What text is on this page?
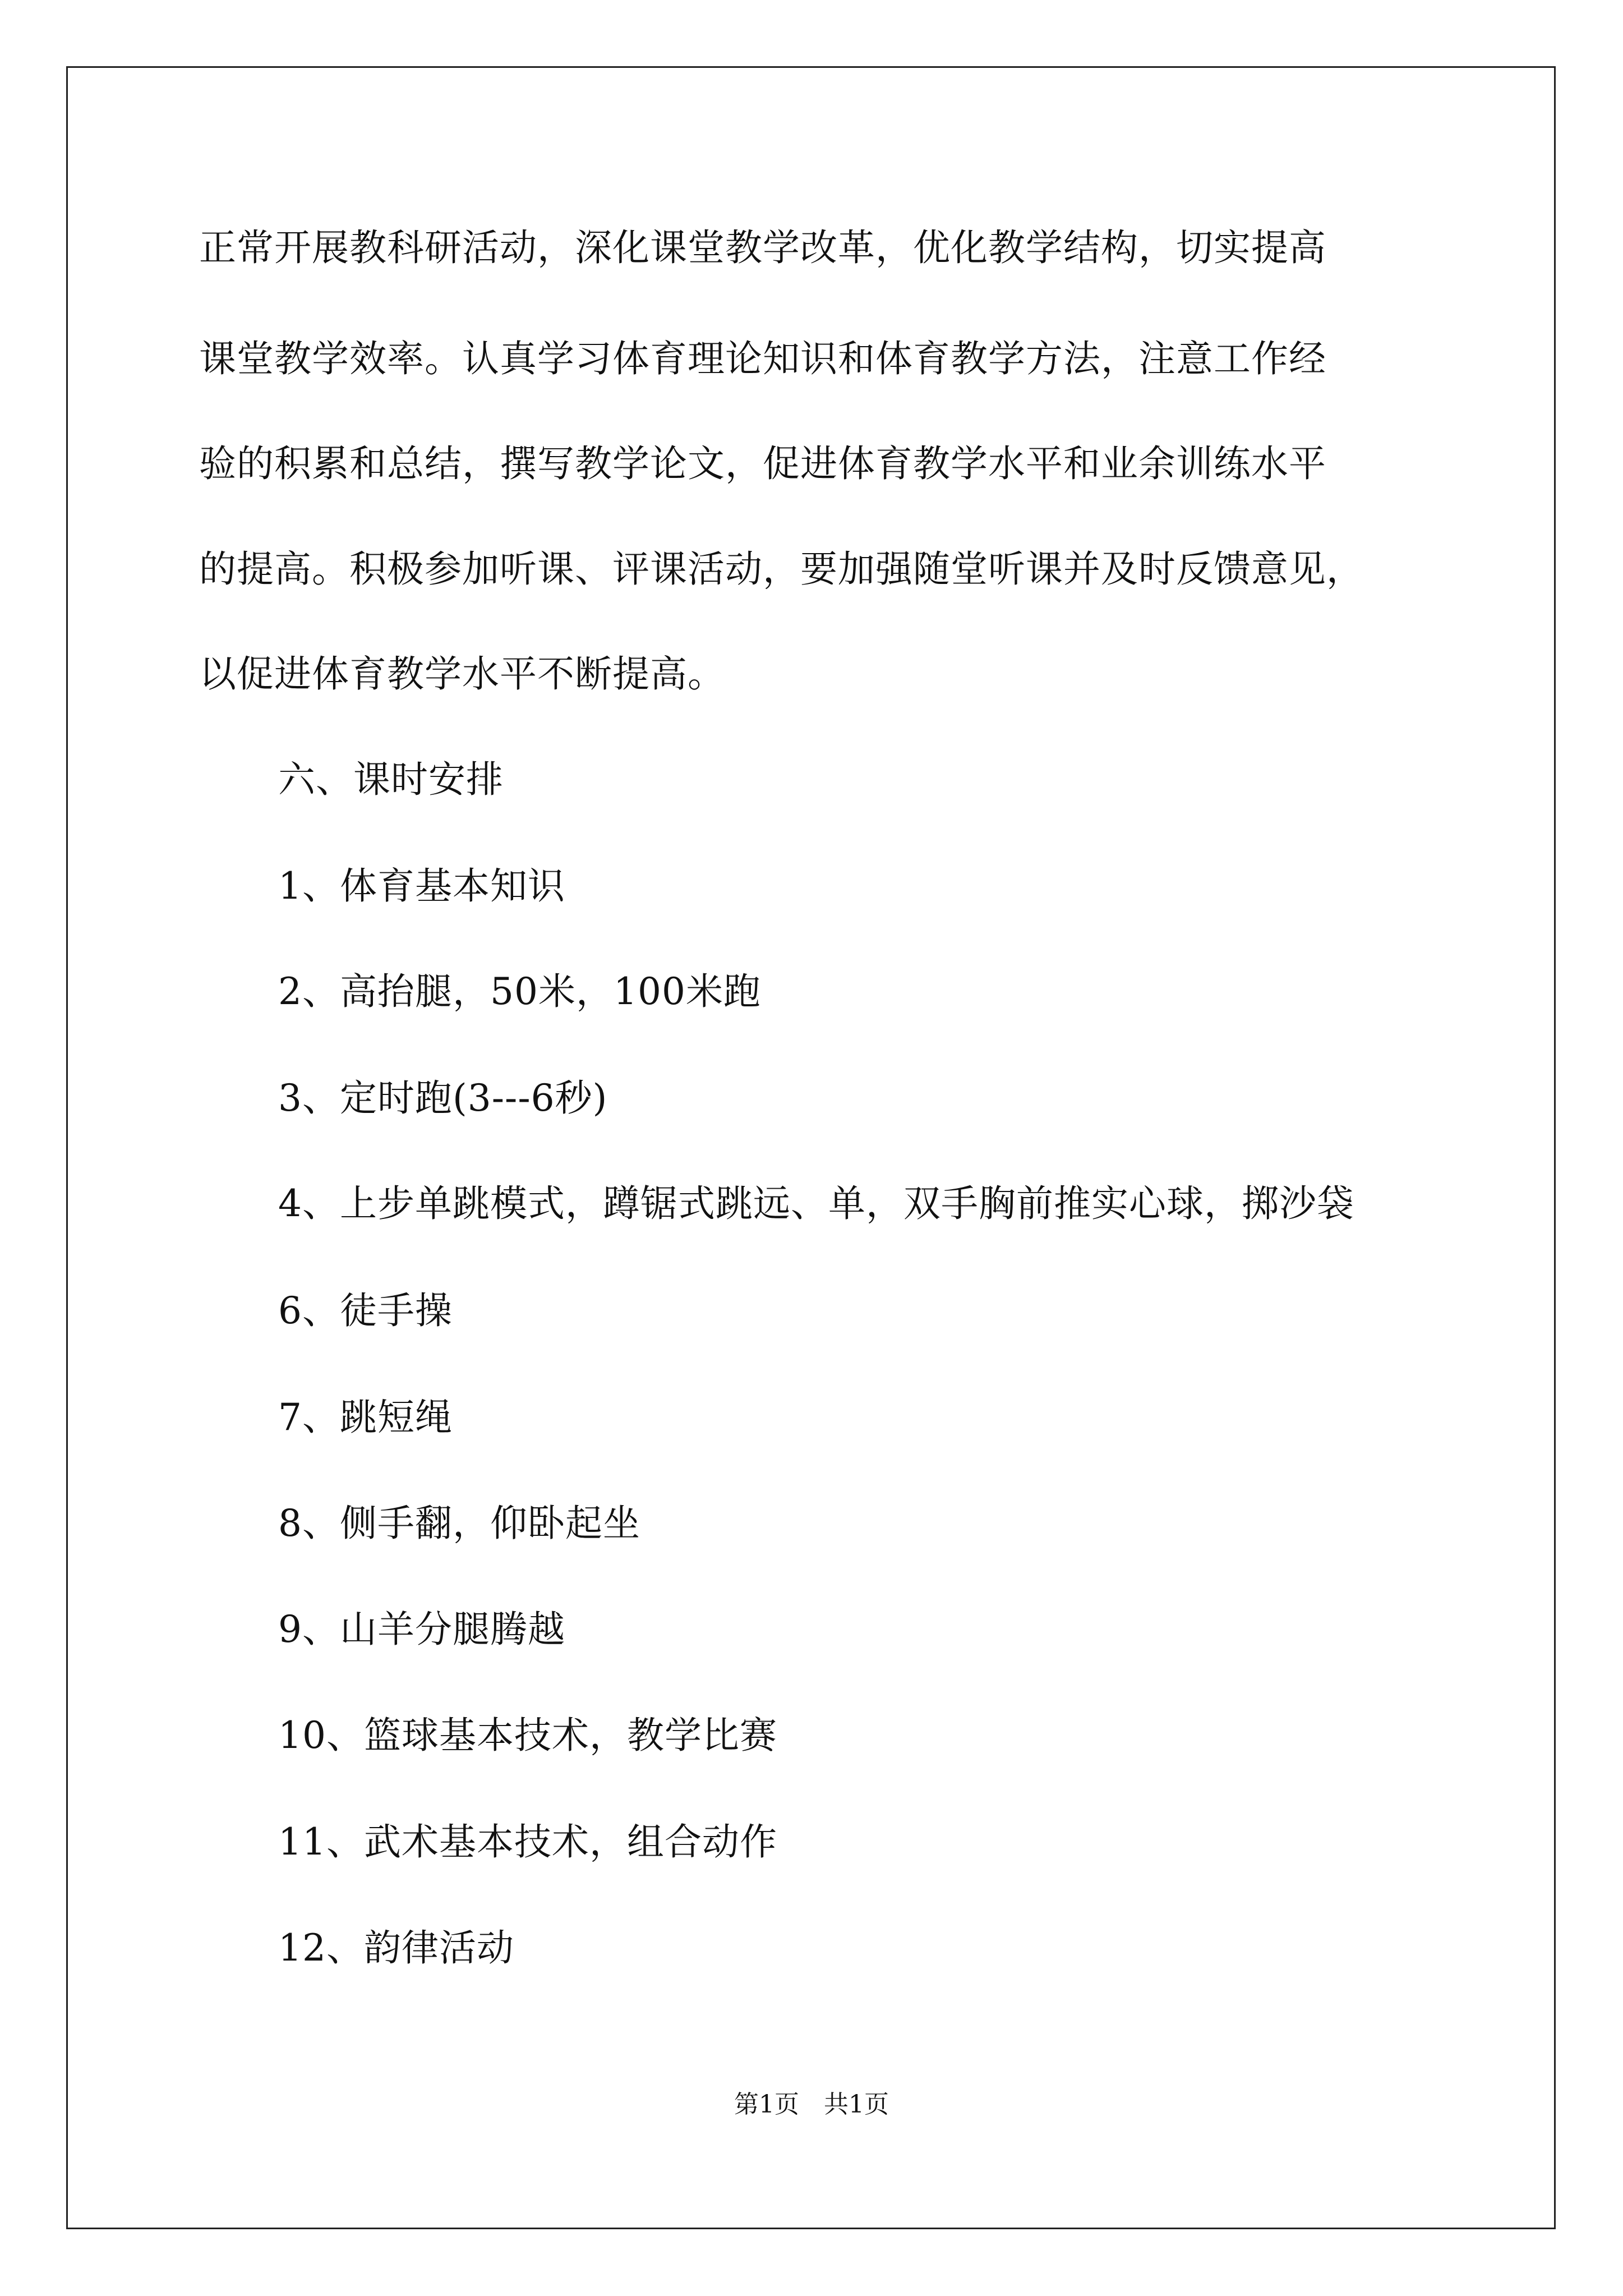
正常开展教科研活动，深化课堂教学改革，优化教学结构，切实提高
课堂教学效率。认真学习体育理论知识和体育教学方法，注意工作经
验的积累和总结，撰写教学论文，促进体育教学水平和业余训练水平
的提高。积极参加听课、评课活动，要加强随堂听课并及时反馈意见，
以促进体育教学水平不断提高。
六、课时安排
1、体育基本知识
2、高抬腿，50米，100米跑
3、定时跑(3---6秒)
4、上步单跳模式，蹲锯式跳远、单，双手胸前推实心球，掷沙袋
6、徒手操
7、跳短绳
8、侧手翻，仰卧起坐
9、山羊分腿腾越
10、篮球基本技术，教学比赛
11、武术基本技术，组合动作
12、韵律活动
第1页　共1页
